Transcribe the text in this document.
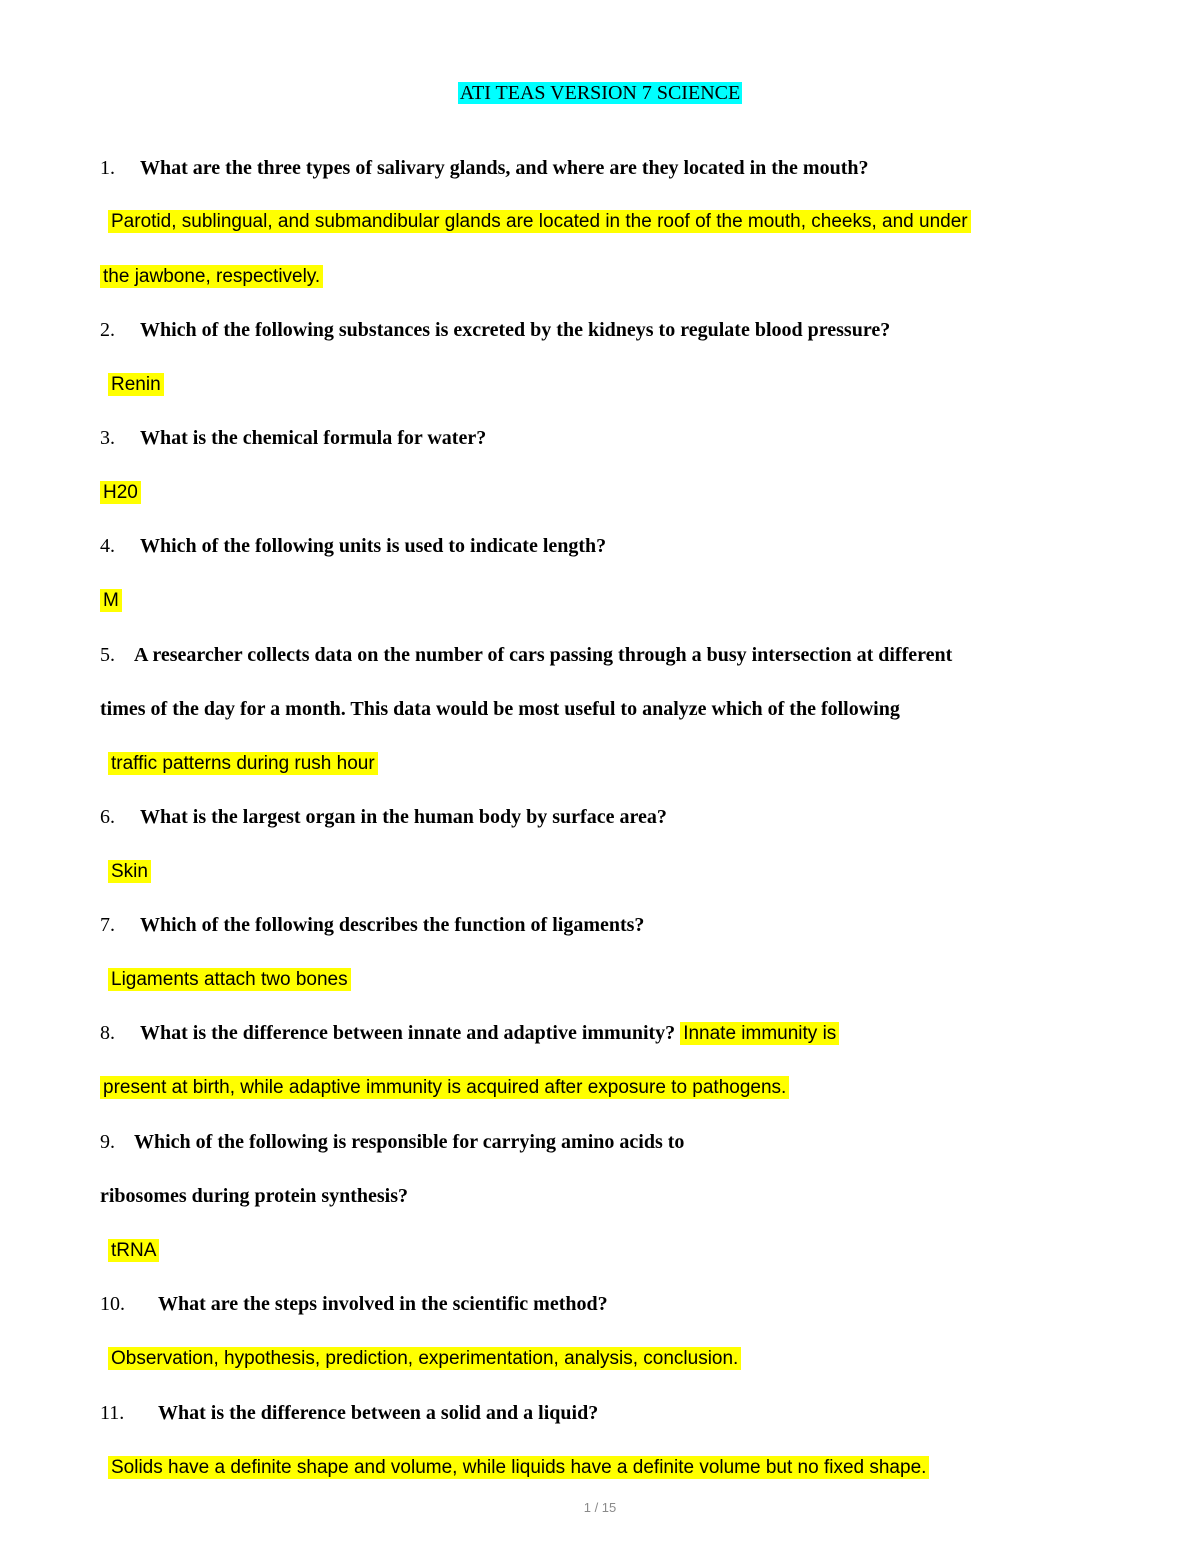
ATI TEAS VERSION 7 SCIENCE
1. What are the three types of salivary glands, and where are they located in the mouth?
Parotid, sublingual, and submandibular glands are located in the roof of the mouth, cheeks, and under
the jawbone, respectively.
2. Which of the following substances is excreted by the kidneys to regulate blood pressure?
Renin
3. What is the chemical formula for water?
H20
4. Which of the following units is used to indicate length?
M
5. A researcher collects data on the number of cars passing through a busy intersection at different
times of the day for a month. This data would be most useful to analyze which of the following
traffic patterns during rush hour
6. What is the largest organ in the human body by surface area?
Skin
7. Which of the following describes the function of ligaments?
Ligaments attach two bones
8. What is the difference between innate and adaptive immunity? Innate immunity is
present at birth, while adaptive immunity is acquired after exposure to pathogens.
9. Which of the following is responsible for carrying amino acids to
ribosomes during protein synthesis?
tRNA
10. What are the steps involved in the scientific method?
Observation, hypothesis, prediction, experimentation, analysis, conclusion.
11. What is the difference between a solid and a liquid?
Solids have a definite shape and volume, while liquids have a definite volume but no fixed shape.
1 / 15
